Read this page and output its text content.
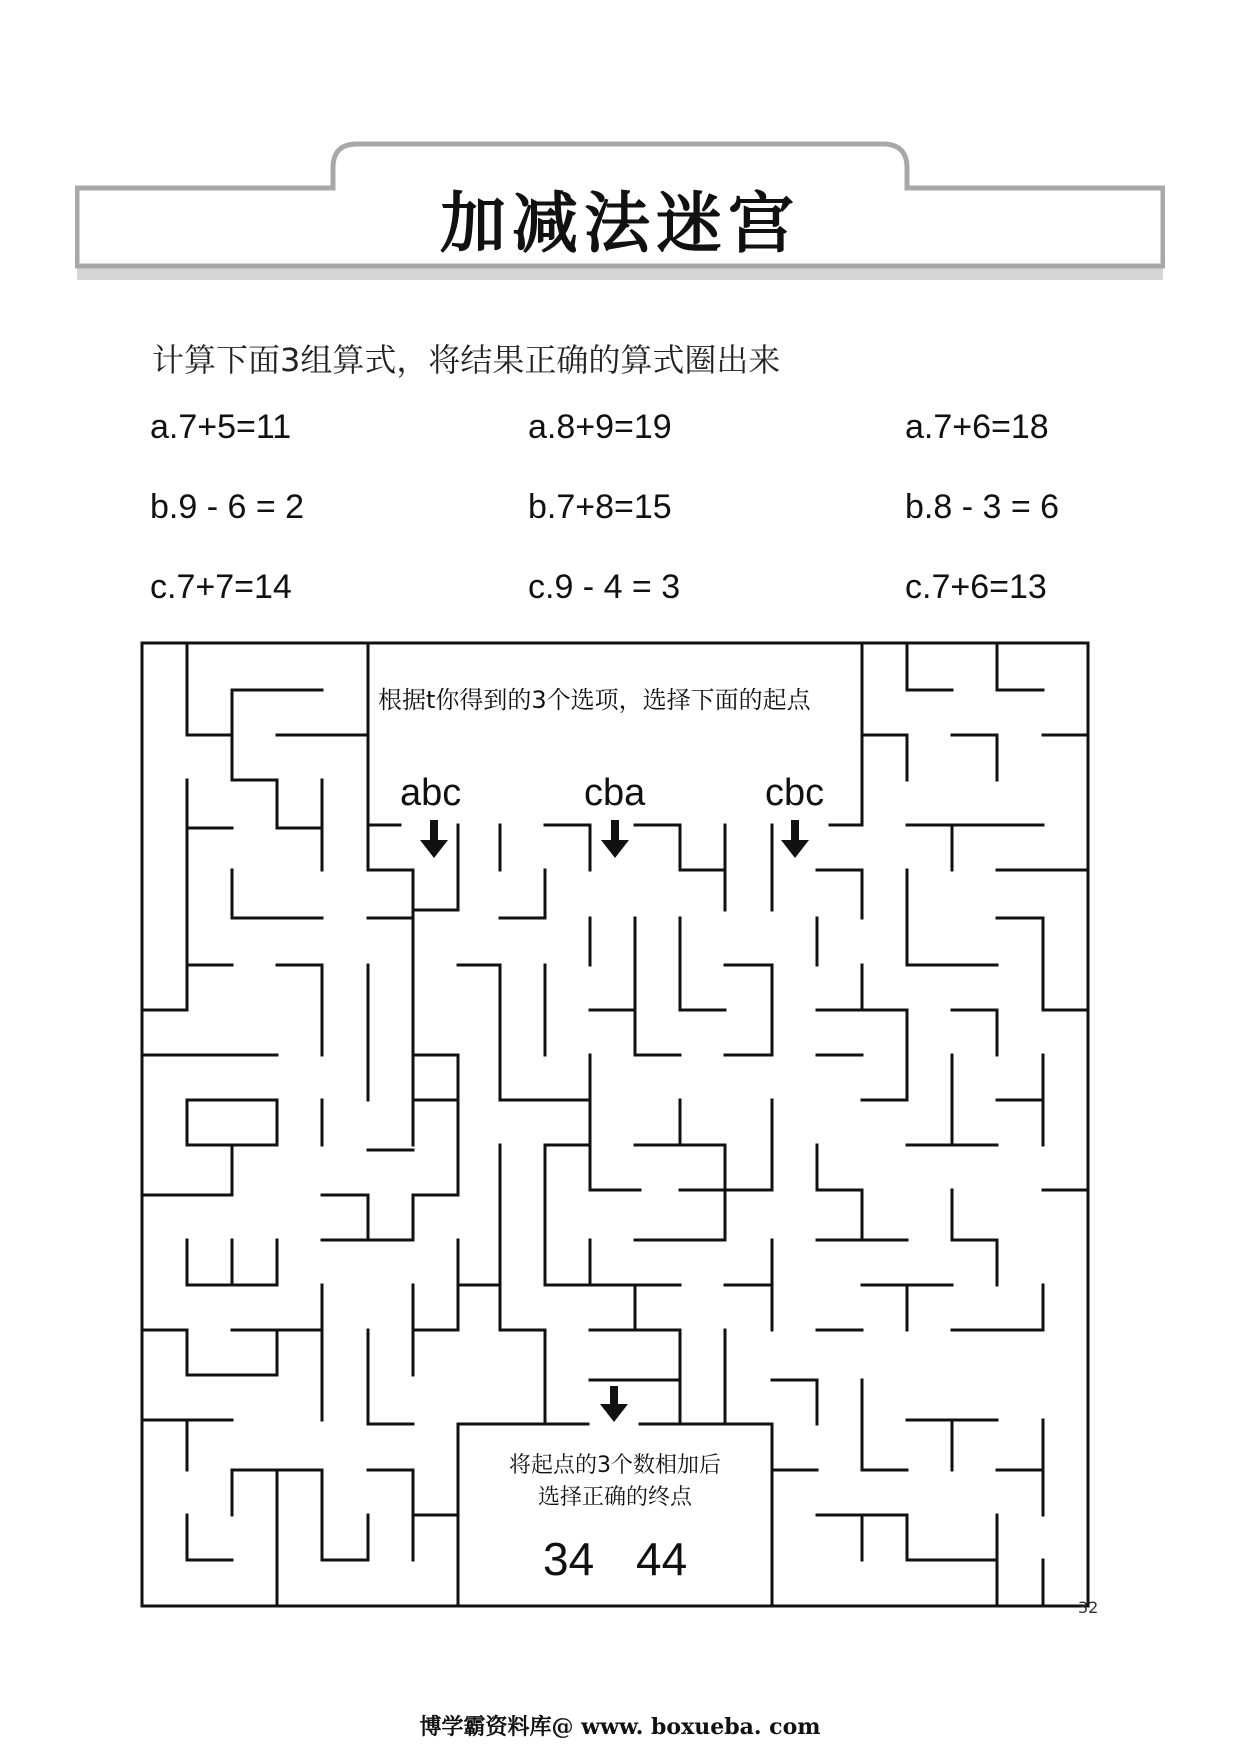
加减法迷宫
计算下面3组算式，将结果正确的算式圈出来
a.7+5=11
b.9 - 6 = 2
c.7+7=14
a.8+9=19
b.7+8=15
c.9 - 4 = 3
a.7+6=18
b.8 - 3 = 6
c.7+6=13
根据t你得到的3个选项，选择下面的起点
abc	cba	cbc
将起点的3个数相加后
选择正确的终点
34 44
32
博学霸资料库@ www. boxueba. com
